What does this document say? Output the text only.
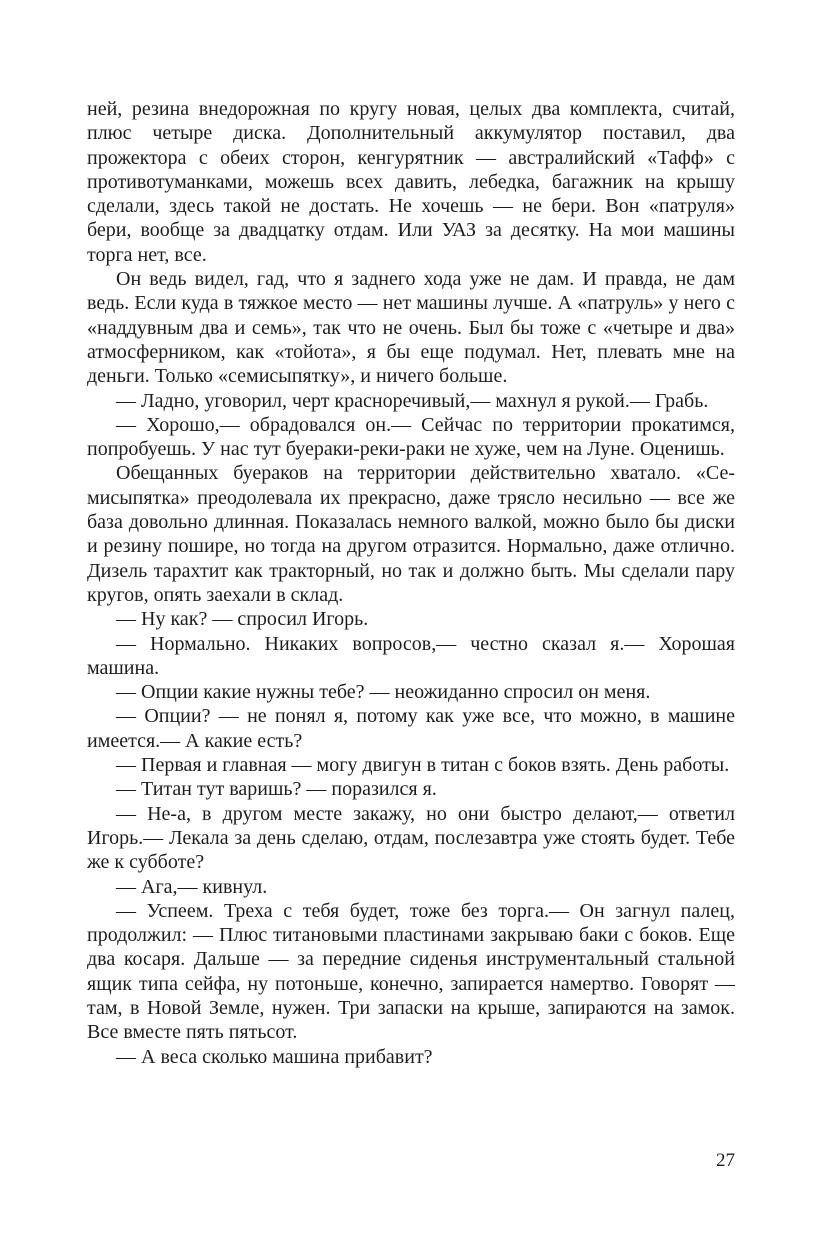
ней, резина внедорожная по кругу новая, целых два комплекта, считай, плюс четыре диска. Дополнительный аккумулятор поставил, два прожектора с обеих сторон, кенгурятник — австралийский «Тафф» с противотуманками, можешь всех давить, лебедка, багажник на крышу сделали, здесь такой не достать. Не хочешь — не бери. Вон «патруля» бери, вообще за двадцатку отдам. Или УАЗ за десятку. На мои машины торга нет, все.

Он ведь видел, гад, что я заднего хода уже не дам. И правда, не дам ведь. Если куда в тяжкое место — нет машины лучше. А «патруль» у него с «наддувным два и семь», так что не очень. Был бы тоже с «четыре и два» атмосферником, как «тойота», я бы еще подумал. Нет, плевать мне на деньги. Только «семисыпятку», и ничего больше.

— Ладно, уговорил, черт красноречивый,— махнул я рукой.— Грабь.

— Хорошо,— обрадовался он.— Сейчас по территории прокатимся, попробуешь. У нас тут буераки-реки-раки не хуже, чем на Луне. Оценишь.

Обещанных буераков на территории действительно хватало. «Семисыпятка» преодолевала их прекрасно, даже трясло несильно — все же база довольно длинная. Показалась немного валкой, можно было бы диски и резину пошире, но тогда на другом отразится. Нормально, даже отлично. Дизель тарахтит как тракторный, но так и должно быть. Мы сделали пару кругов, опять заехали в склад.

— Ну как? — спросил Игорь.

— Нормально. Никаких вопросов,— честно сказал я.— Хорошая машина.

— Опции какие нужны тебе? — неожиданно спросил он меня.

— Опции? — не понял я, потому как уже все, что можно, в машине имеется.— А какие есть?

— Первая и главная — могу двигун в титан с боков взять. День работы.

— Титан тут варишь? — поразился я.

— Не-а, в другом месте закажу, но они быстро делают,— ответил Игорь.— Лекала за день сделаю, отдам, послезавтра уже стоять будет. Тебе же к субботе?

— Ага,— кивнул.

— Успеем. Треха с тебя будет, тоже без торга.— Он загнул палец, продолжил: — Плюс титановыми пластинами закрываю баки с боков. Еще два косаря. Дальше — за передние сиденья инструментальный стальной ящик типа сейфа, ну потоньше, конечно, запирается намертво. Говорят — там, в Новой Земле, нужен. Три запаски на крыше, запираются на замок. Все вместе пять пятьсот.

— А веса сколько машина прибавит?

27
